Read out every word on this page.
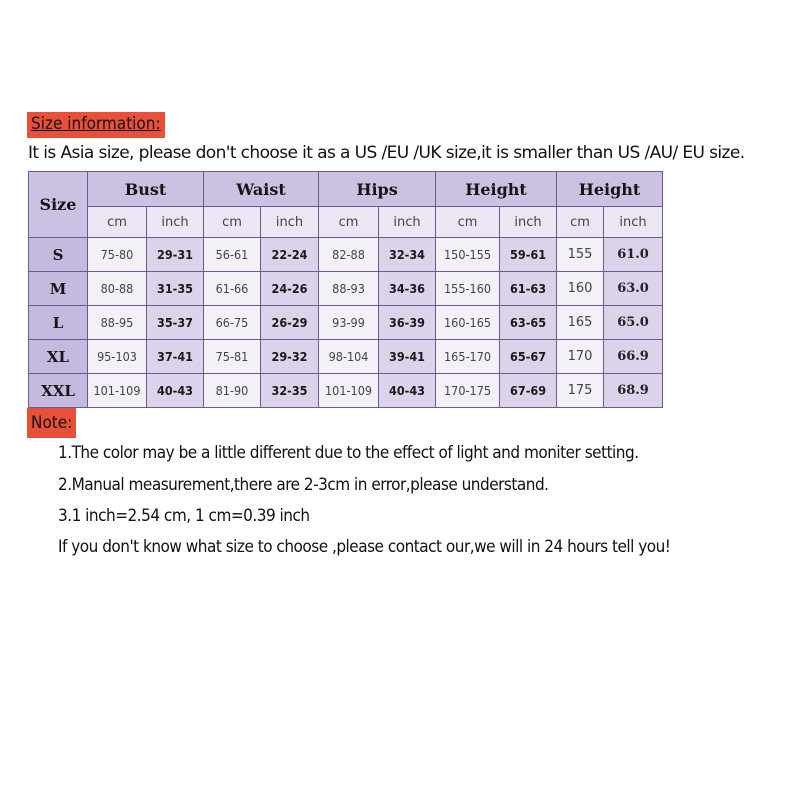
Size information:
It is Asia size, please don't choose it as a US /EU /UK size,it is smaller than US /AU/ EU size.
Size	Bust		Waist		Hips		Height		Height	
	cm	inch	cm	inch	cm	inch	cm	inch	cm	inch
S	75-80	29-31	56-61	22-24	82-88	32-34	150-155	59-61	155	61.0
M	80-88	31-35	61-66	24-26	88-93	34-36	155-160	61-63	160	63.0
L	88-95	35-37	66-75	26-29	93-99	36-39	160-165	63-65	165	65.0
XL	95-103	37-41	75-81	29-32	98-104	39-41	165-170	65-67	170	66.9
XXL	101-109	40-43	81-90	32-35	101-109	40-43	170-175	67-69	175	68.9
Note:
1.The color may be a little different due to the effect of light and moniter setting.
2.Manual measurement,there are 2-3cm in error,please understand.
3.1 inch=2.54 cm, 1 cm=0.39 inch
If you don't know what size to choose ,please contact our,we will in 24 hours tell you!
